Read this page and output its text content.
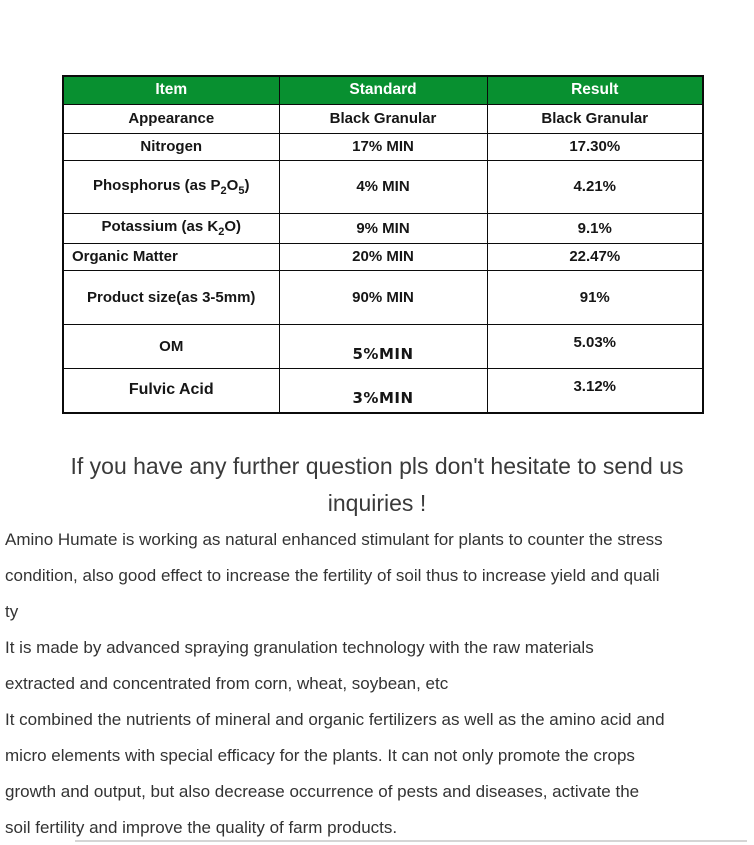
Item	Standard	Result
Appearance	Black Granular	Black Granular
Nitrogen	17% MIN	17.30%
Phosphorus (as $P_2O_5$)	4% MIN	4.21%
Potassium (as $K_2O$)	9% MIN	9.1%
Organic Matter	20% MIN	22.47%
Product size(as 3-5mm)	90% MIN	91%
OM	5%MIN	5.03%
Fulvic Acid	3%MIN	3.12%
If you have any further question pls don't hesitate to send us
inquiries !
Amino Humate is working as natural enhanced stimulant for plants to counter the stress
condition, also good effect to increase the fertility of soil thus to increase yield and quali
ty
It is made by advanced spraying granulation technology with the raw materials
extracted and concentrated from corn, wheat, soybean, etc
It combined the nutrients of mineral and organic fertilizers as well as the amino acid and
micro elements with special efficacy for the plants. It can not only promote the crops
growth and output, but also decrease occurrence of pests and diseases, activate the
soil fertility and improve the quality of farm products.
